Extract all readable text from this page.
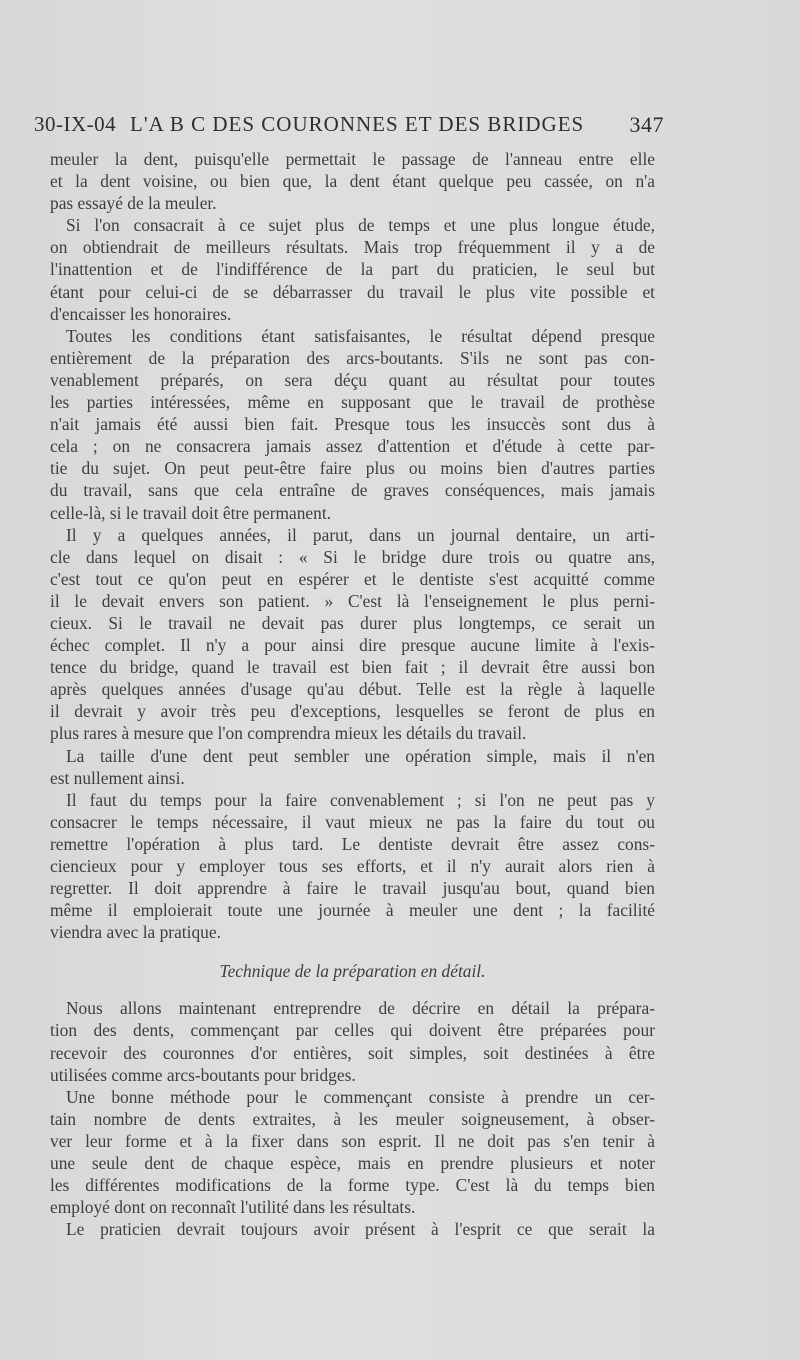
30-IX-04 L'A B C DES COURONNES ET DES BRIDGES 347
meuler la dent, puisqu'elle permettait le passage de l'anneau entre elle
et la dent voisine, ou bien que, la dent étant quelque peu cassée, on n'a
pas essayé de la meuler.
Si l'on consacrait à ce sujet plus de temps et une plus longue étude,
on obtiendrait de meilleurs résultats. Mais trop fréquemment il y a de
l'inattention et de l'indifférence de la part du praticien, le seul but
étant pour celui-ci de se débarrasser du travail le plus vite possible et
d'encaisser les honoraires.
Toutes les conditions étant satisfaisantes, le résultat dépend presque
entièrement de la préparation des arcs-boutants. S'ils ne sont pas con-
venablement préparés, on sera déçu quant au résultat pour toutes
les parties intéressées, même en supposant que le travail de prothèse
n'ait jamais été aussi bien fait. Presque tous les insuccès sont dus à
cela ; on ne consacrera jamais assez d'attention et d'étude à cette par-
tie du sujet. On peut peut-être faire plus ou moins bien d'autres parties
du travail, sans que cela entraîne de graves conséquences, mais jamais
celle-là, si le travail doit être permanent.
Il y a quelques années, il parut, dans un journal dentaire, un arti-
cle dans lequel on disait : « Si le bridge dure trois ou quatre ans,
c'est tout ce qu'on peut en espérer et le dentiste s'est acquitté comme
il le devait envers son patient. » C'est là l'enseignement le plus perni-
cieux. Si le travail ne devait pas durer plus longtemps, ce serait un
échec complet. Il n'y a pour ainsi dire presque aucune limite à l'exis-
tence du bridge, quand le travail est bien fait ; il devrait être aussi bon
après quelques années d'usage qu'au début. Telle est la règle à laquelle
il devrait y avoir très peu d'exceptions, lesquelles se feront de plus en
plus rares à mesure que l'on comprendra mieux les détails du travail.
La taille d'une dent peut sembler une opération simple, mais il n'en
est nullement ainsi.
Il faut du temps pour la faire convenablement ; si l'on ne peut pas y
consacrer le temps nécessaire, il vaut mieux ne pas la faire du tout ou
remettre l'opération à plus tard. Le dentiste devrait être assez cons-
ciencieux pour y employer tous ses efforts, et il n'y aurait alors rien à
regretter. Il doit apprendre à faire le travail jusqu'au bout, quand bien
même il emploierait toute une journée à meuler une dent ; la facilité
viendra avec la pratique.
Technique de la préparation en détail.
Nous allons maintenant entreprendre de décrire en détail la prépara-
tion des dents, commençant par celles qui doivent être préparées pour
recevoir des couronnes d'or entières, soit simples, soit destinées à être
utilisées comme arcs-boutants pour bridges.
Une bonne méthode pour le commençant consiste à prendre un cer-
tain nombre de dents extraites, à les meuler soigneusement, à obser-
ver leur forme et à la fixer dans son esprit. Il ne doit pas s'en tenir à
une seule dent de chaque espèce, mais en prendre plusieurs et noter
les différentes modifications de la forme type. C'est là du temps bien
employé dont on reconnaît l'utilité dans les résultats.
Le praticien devrait toujours avoir présent à l'esprit ce que serait la
